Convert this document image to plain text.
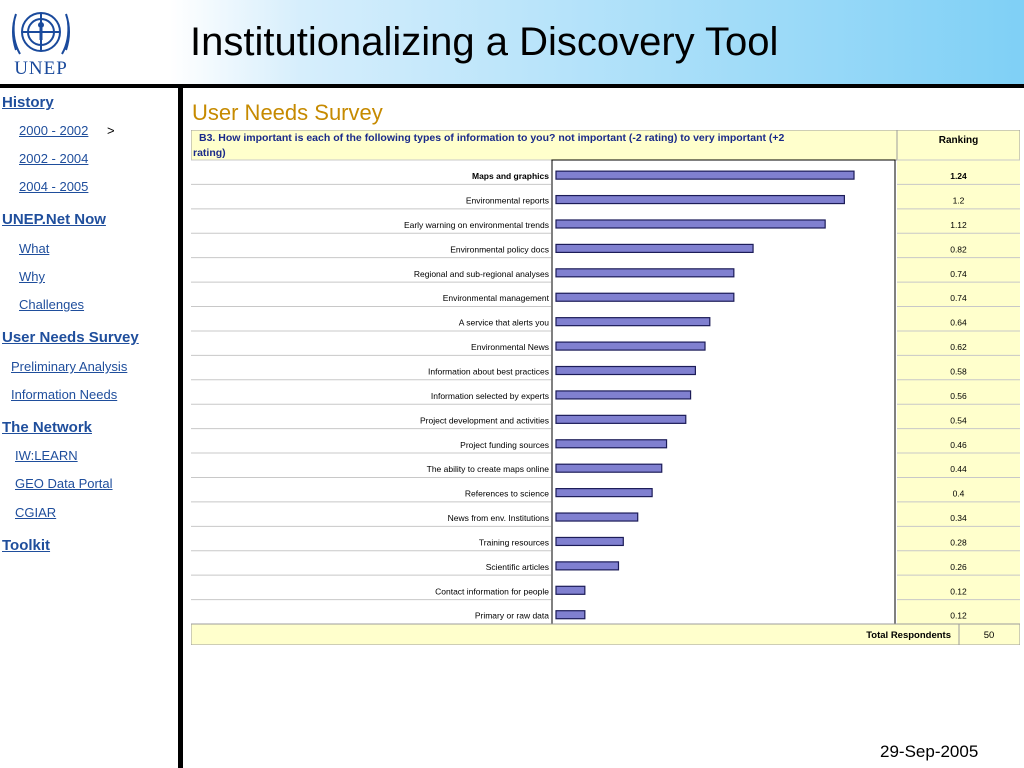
UNEP
Institutionalizing a Discovery Tool
History
2000 - 2002 >
2002 - 2004
2004 - 2005
UNEP.Net Now
What
Why
Challenges
User Needs Survey
Preliminary Analysis
Information Needs
The Network
IW:LEARN
GEO Data Portal
CGIAR
Toolkit
User Needs Survey
B3. How important is each of the following types of information to you? not important (-2 rating) to very important (+2 rating)
Ranking
Maps and graphics	1.24
Environmental reports	1.2
Early warning on environmental trends	1.12
Environmental policy docs	0.82
Regional and sub-regional analyses	0.74
Environmental management	0.74
A service that alerts you	0.64
Environmental News	0.62
Information about best practices	0.58
Information selected by experts	0.56
Project development and activities	0.54
Project funding sources	0.46
The ability to create maps online	0.44
References to science	0.4
News from env. Institutions	0.34
Training resources	0.28
Scientific articles	0.26
Contact information for people	0.12
Primary or raw data	0.12
Total Respondents	50
29-Sep-2005
